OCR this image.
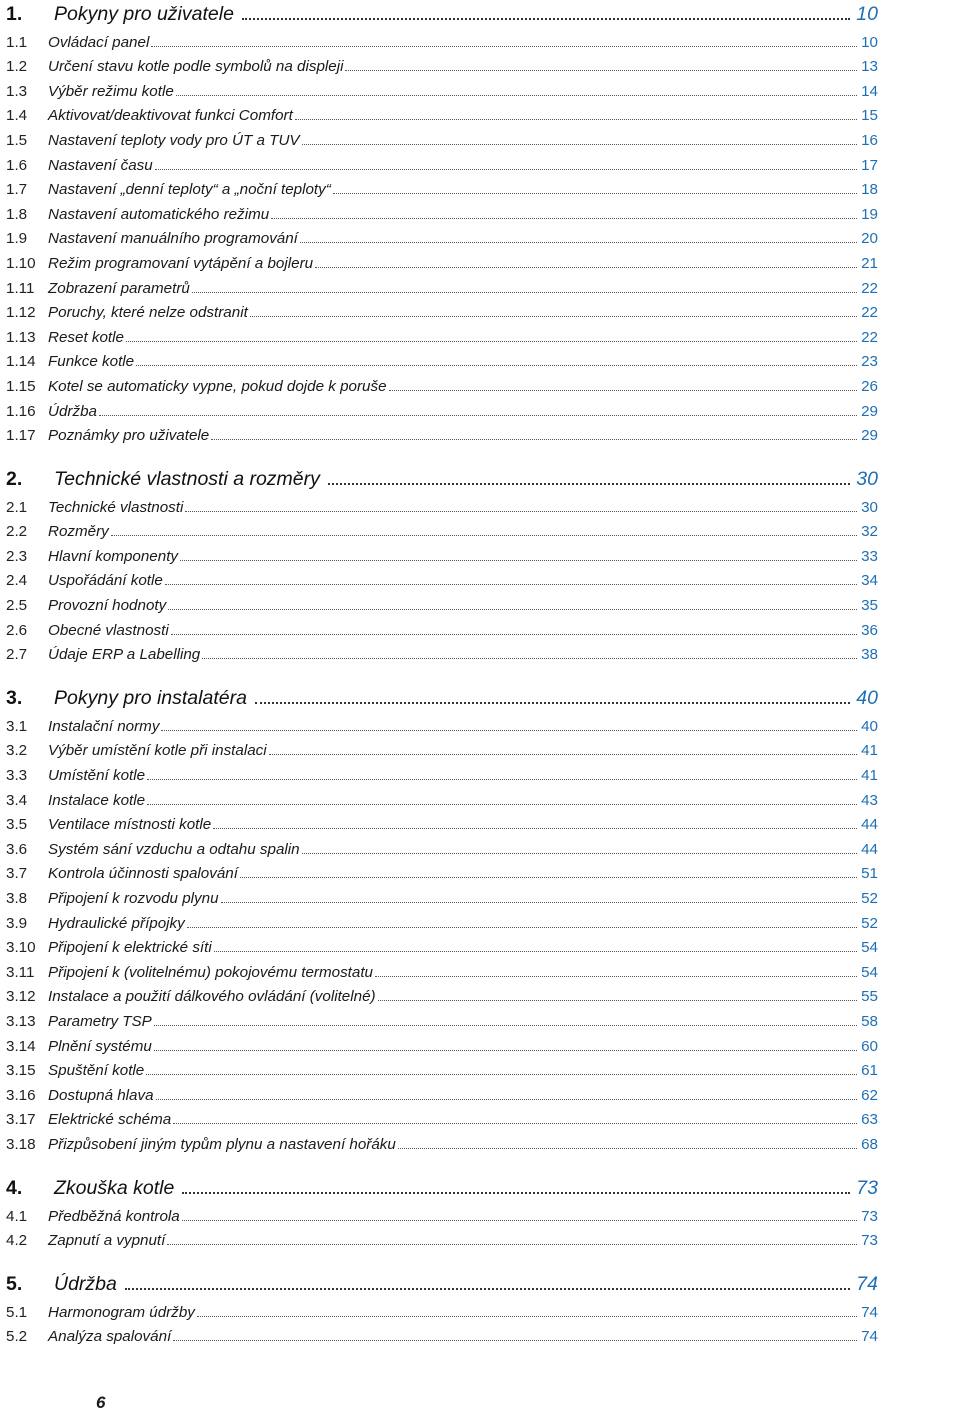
1.	Pokyny pro uživatele	10
1.1	Ovládací panel	10
1.2	Určení stavu kotle podle symbolů na displeji	13
1.3	Výběr režimu kotle	14
1.4	Aktivovat/deaktivovat funkci Comfort	15
1.5	Nastavení teploty vody pro ÚT a TUV	16
1.6	Nastavení času	17
1.7	Nastavení „denní teploty“ a „noční teploty“	18
1.8	Nastavení automatického režimu	19
1.9	Nastavení manuálního programování	20
1.10 Režim programovaní vytápění a bojleru	21
1.11 Zobrazení parametrů	22
1.12 Poruchy, které nelze odstranit	22
1.13 Reset kotle	22
1.14 Funkce kotle	23
1.15 Kotel se automaticky vypne, pokud dojde k poruše	26
1.16 Údržba	29
1.17 Poznámky pro uživatele	29
2.	Technické vlastnosti a rozměry	30
2.1	Technické vlastnosti	30
2.2	Rozměry	32
2.3	Hlavní komponenty	33
2.4	Uspořádání kotle	34
2.5	Provozní hodnoty	35
2.6	Obecné vlastnosti	36
2.7	Údaje ERP a Labelling	38
3.	Pokyny pro instalatéra	40
3.1	Instalační normy	40
3.2	Výběr umístění kotle při instalaci	41
3.3	Umístění kotle	41
3.4	Instalace kotle	43
3.5	Ventilace místnosti kotle	44
3.6	Systém sání vzduchu a odtahu spalin	44
3.7	Kontrola účinnosti spalování	51
3.8	Připojení k rozvodu plynu	52
3.9	Hydraulické přípojky	52
3.10 Připojení k elektrické síti	54
3.11 Připojení k (volitelnému) pokojovému termostatu	54
3.12 Instalace a použití dálkového ovládání (volitelné)	55
3.13 Parametry TSP	58
3.14 Plnění systému	60
3.15 Spuštění kotle	61
3.16 Dostupná hlava	62
3.17 Elektrické schéma	63
3.18 Přizpůsobení jiným typům plynu a nastavení hořáku	68
4.	Zkouška kotle	73
4.1	Předběžná kontrola	73
4.2	Zapnutí a vypnutí	73
5.	Údržba	74
5.1	Harmonogram údržby	74
5.2	Analýza spalování	74
6
